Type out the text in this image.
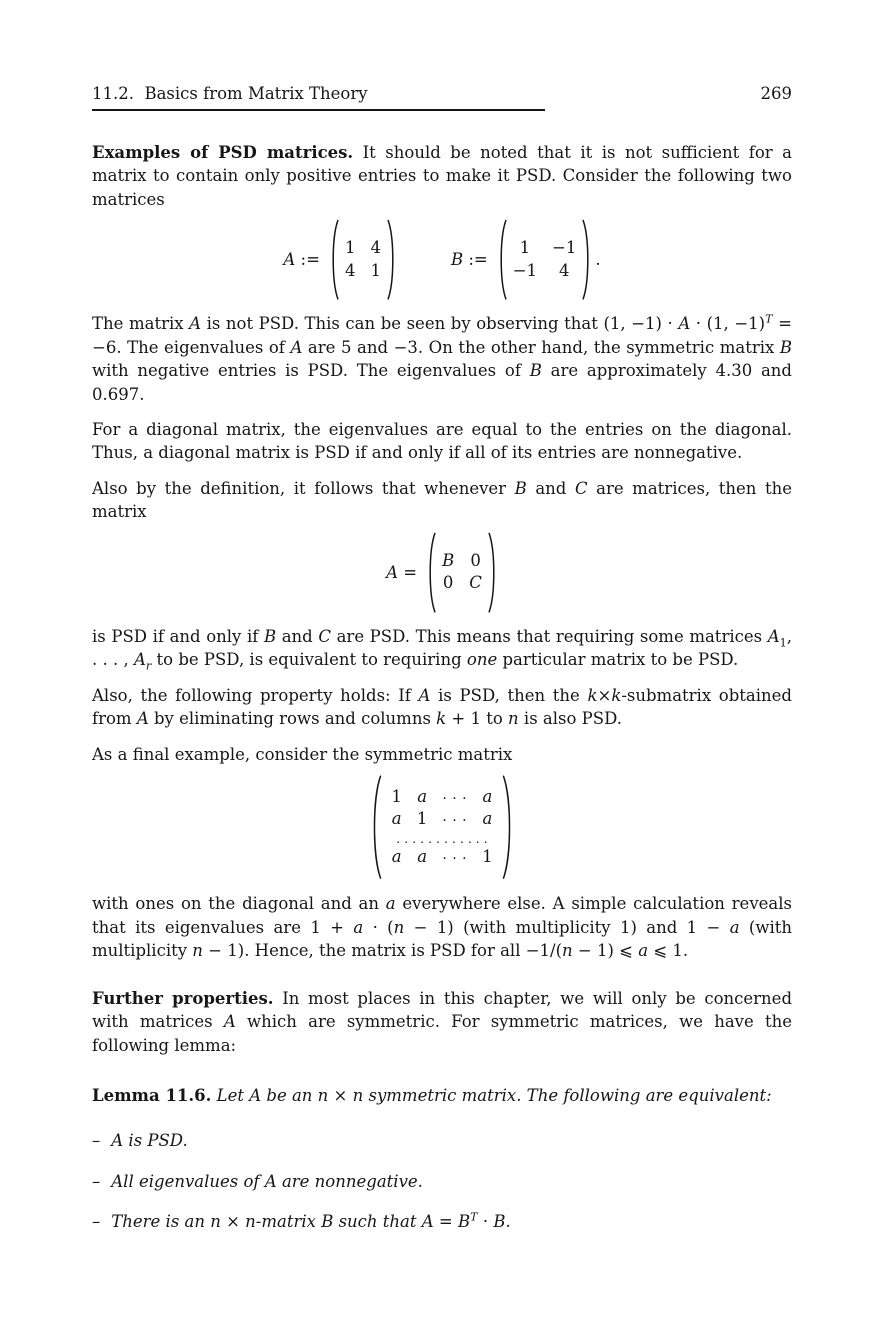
11.2.  Basics from Matrix Theory	269

Examples of PSD matrices. It should be noted that it is not sufficient for a matrix to contain only positive entries to make it PSD. Consider the following two matrices

A :=
1 4
4 1
B :=
1	−1
−1	4
.

The matrix A is not PSD. This can be seen by observing that (1, −1) · A · (1, −1)$^T$ = −6. The eigenvalues of A are 5 and −3. On the other hand, the symmetric matrix B with negative entries is PSD. The eigenvalues of B are approximately 4.30 and 0.697.

For a diagonal matrix, the eigenvalues are equal to the entries on the diagonal. Thus, a diagonal matrix is PSD if and only if all of its entries are nonnegative.

Also by the definition, it follows that whenever B and C are matrices, then the matrix

A =
B 0
0 C

is PSD if and only if B and C are PSD. This means that requiring some matrices $A_1$, . . . , $A_r$ to be PSD, is equivalent to requiring one particular matrix to be PSD.

Also, the following property holds: If A is PSD, then the k×k-submatrix obtained from A by eliminating rows and columns k + 1 to n is also PSD.

As a final example, consider the symmetric matrix

1 a . . . a
a 1 . . . a
. . . . . . . . . . . .
a a . . . 1

with ones on the diagonal and an a everywhere else. A simple calculation reveals that its eigenvalues are 1 + a · (n − 1) (with multiplicity 1) and 1 − a (with multiplicity n − 1). Hence, the matrix is PSD for all −1/(n − 1) ⩽ a ⩽ 1.

Further properties. In most places in this chapter, we will only be concerned with matrices A which are symmetric. For symmetric matrices, we have the following lemma:

Lemma 11.6. Let A be an n × n symmetric matrix. The following are equivalent:

– A is PSD.
– All eigenvalues of A are nonnegative.
– There is an n × n-matrix B such that $A = B^T \cdot B$.
